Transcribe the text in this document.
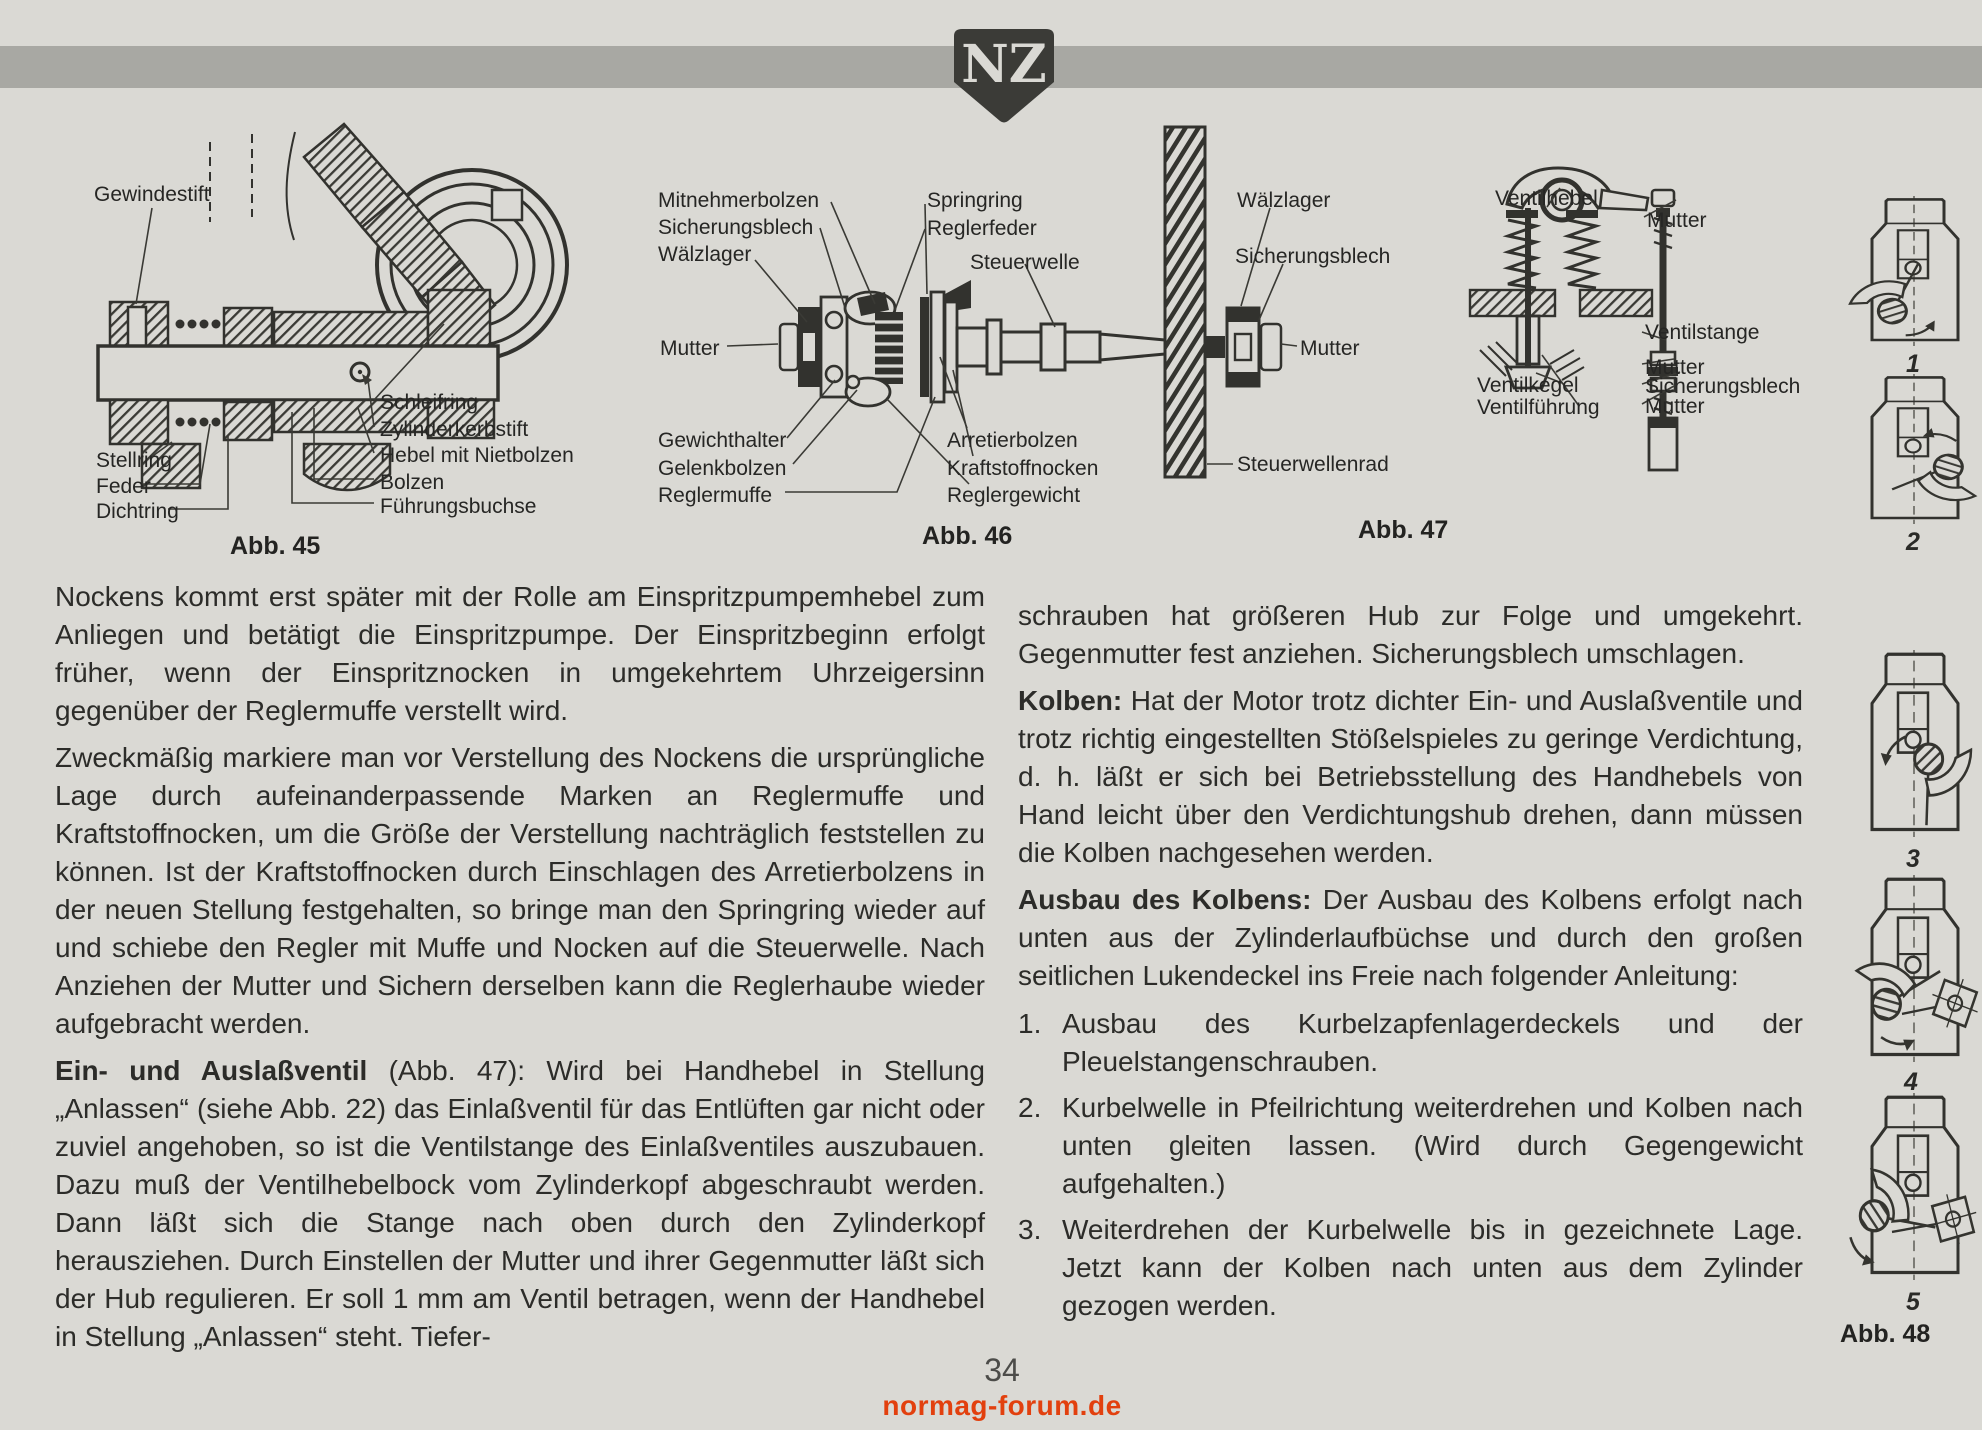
NZ
Gewindestift
Schleifring
Zylinderkerbstift
Hebel mit Nietbolzen
Bolzen
Führungsbuchse
Stellring
Feder
Dichtring
Abb. 45
Mitnehmerbolzen
Sicherungsblech
Wälzlager
Mutter
Gewichthalter
Gelenkbolzen
Reglermuffe
Springring
Reglerfeder
Steuerwelle
Arretierbolzen
Kraftstoffnocken
Reglergewicht
Wälzlager
Sicherungsblech
Mutter
Steuerwellenrad
Abb. 46
Ventilhebel
Mutter
Ventilstange
Mutter
Sicherungsblech
Mutter
Ventilkegel
Ventilführung
Abb. 47
1
2
3
4
5
Abb. 48

Nockens kommt erst später mit der Rolle am Einspritzpumpemhebel zum Anliegen und betätigt die Einspritzpumpe. Der Einspritzbeginn erfolgt früher, wenn der Einspritznocken in umgekehrtem Uhrzeigersinn gegenüber der Reglermuffe verstellt wird.

Zweckmäßig markiere man vor Verstellung des Nockens die ursprüngliche Lage durch aufeinanderpassende Marken an Reglermuffe und Kraftstoffnocken, um die Größe der Verstellung nachträglich feststellen zu können. Ist der Kraftstoffnocken durch Einschlagen des Arretierbolzens in der neuen Stellung festgehalten, so bringe man den Springring wieder auf und schiebe den Regler mit Muffe und Nocken auf die Steuerwelle. Nach Anziehen der Mutter und Sichern derselben kann die Reglerhaube wieder aufgebracht werden.

Ein- und Auslaßventil (Abb. 47): Wird bei Handhebel in Stellung „Anlassen“ (siehe Abb. 22) das Einlaßventil für das Entlüften gar nicht oder zuviel angehoben, so ist die Ventilstange des Einlaßventiles auszubauen. Dazu muß der Ventilhebelbock vom Zylinderkopf abgeschraubt werden. Dann läßt sich die Stange nach oben durch den Zylinderkopf herausziehen. Durch Einstellen der Mutter und ihrer Gegenmutter läßt sich der Hub regulieren. Er soll 1 mm am Ventil betragen, wenn der Handhebel in Stellung „Anlassen“ steht. Tiefer-

schrauben hat größeren Hub zur Folge und umgekehrt. Gegenmutter fest anziehen. Sicherungsblech umschlagen.

Kolben: Hat der Motor trotz dichter Ein- und Auslaßventile und trotz richtig eingestellten Stößelspieles zu geringe Verdichtung, d. h. läßt er sich bei Betriebsstellung des Handhebels von Hand leicht über den Verdichtungshub drehen, dann müssen die Kolben nachgesehen werden.

Ausbau des Kolbens: Der Ausbau des Kolbens erfolgt nach unten aus der Zylinderlaufbüchse und durch den großen seitlichen Lukendeckel ins Freie nach folgender Anleitung:

1. Ausbau des Kurbelzapfenlagerdeckels und der Pleuelstangenschrauben.
2. Kurbelwelle in Pfeilrichtung weiterdrehen und Kolben nach unten gleiten lassen. (Wird durch Gegengewicht aufgehalten.)
3. Weiterdrehen der Kurbelwelle bis in gezeichnete Lage. Jetzt kann der Kolben nach unten aus dem Zylinder gezogen werden.
34
normag-forum.de
